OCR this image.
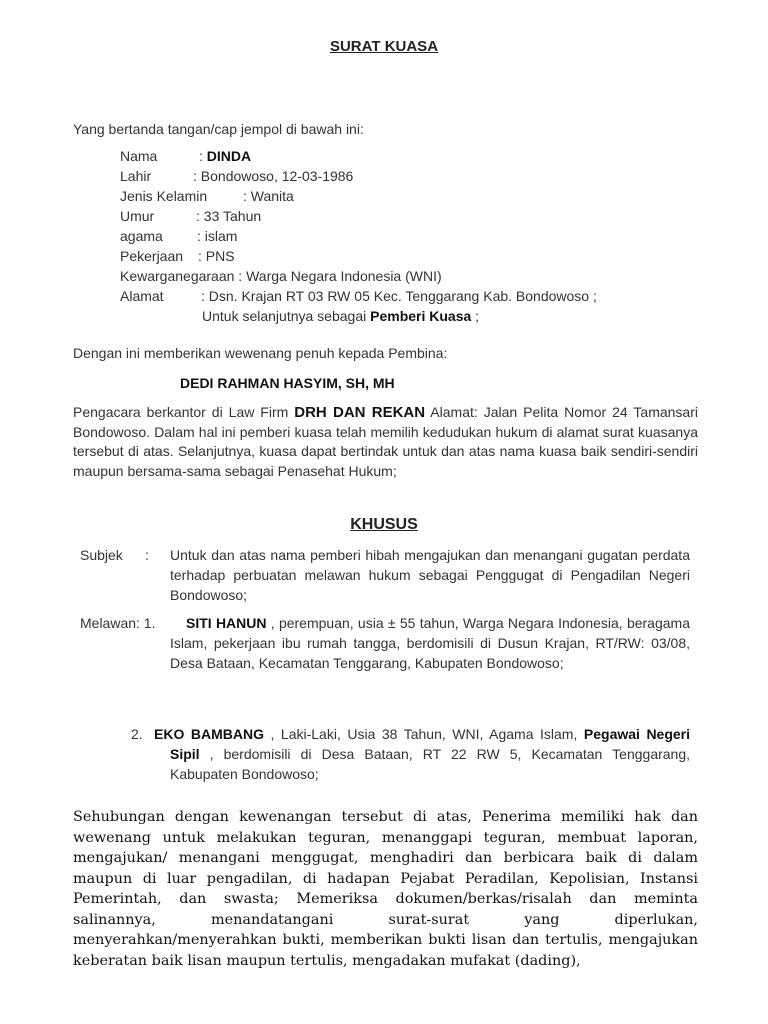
SURAT KUASA
Yang bertanda tangan/cap jempol di bawah ini:
Nama	: DINDA
Lahir	: Bondowoso, 12-03-1986
Jenis Kelamin	: Wanita
Umur	: 33 Tahun
agama : islam
Pekerjaan : PNS
Kewarganegaraan : Warga Negara Indonesia (WNI)
Alamat	: Dsn. Krajan RT 03 RW 05 Kec. Tenggarang Kab. Bondowoso ;
Untuk selanjutnya sebagai Pemberi Kuasa ;
Dengan ini memberikan wewenang penuh kepada Pembina:
DEDI RAHMAN HASYIM, SH, MH
Pengacara berkantor di Law Firm DRH DAN REKAN Alamat: Jalan Pelita Nomor 24 Tamansari Bondowoso. Dalam hal ini pemberi kuasa telah memilih kedudukan hukum di alamat surat kuasanya tersebut di atas. Selanjutnya, kuasa dapat bertindak untuk dan atas nama kuasa baik sendiri-sendiri maupun bersama-sama sebagai Penasehat Hukum;
KHUSUS
Subjek : Untuk dan atas nama pemberi hibah mengajukan dan menangani gugatan perdata terhadap perbuatan melawan hukum sebagai Penggugat di Pengadilan Negeri Bondowoso;
Melawan: 1.	SITI HANUN , perempuan, usia ± 55 tahun, Warga Negara Indonesia, beragama Islam, pekerjaan ibu rumah tangga, berdomisili di Dusun Krajan, RT/RW: 03/08, Desa Bataan, Kecamatan Tenggarang, Kabupaten Bondowoso;
2. EKO BAMBANG , Laki-Laki, Usia 38 Tahun, WNI, Agama Islam, Pegawai Negeri Sipil , berdomisili di Desa Bataan, RT 22 RW 5, Kecamatan Tenggarang, Kabupaten Bondowoso;
Sehubungan dengan kewenangan tersebut di atas, Penerima memiliki hak dan wewenang untuk melakukan teguran, menanggapi teguran, membuat laporan, mengajukan/ menangani menggugat, menghadiri dan berbicara baik di dalam maupun di luar pengadilan, di hadapan Pejabat Peradilan, Kepolisian, Instansi Pemerintah, dan swasta; Memeriksa dokumen/berkas/risalah dan meminta salinannya, menandatangani surat-surat yang diperlukan, menyerahkan/menyerahkan bukti, memberikan bukti lisan dan tertulis, mengajukan keberatan baik lisan maupun tertulis, mengadakan mufakat (dading),
